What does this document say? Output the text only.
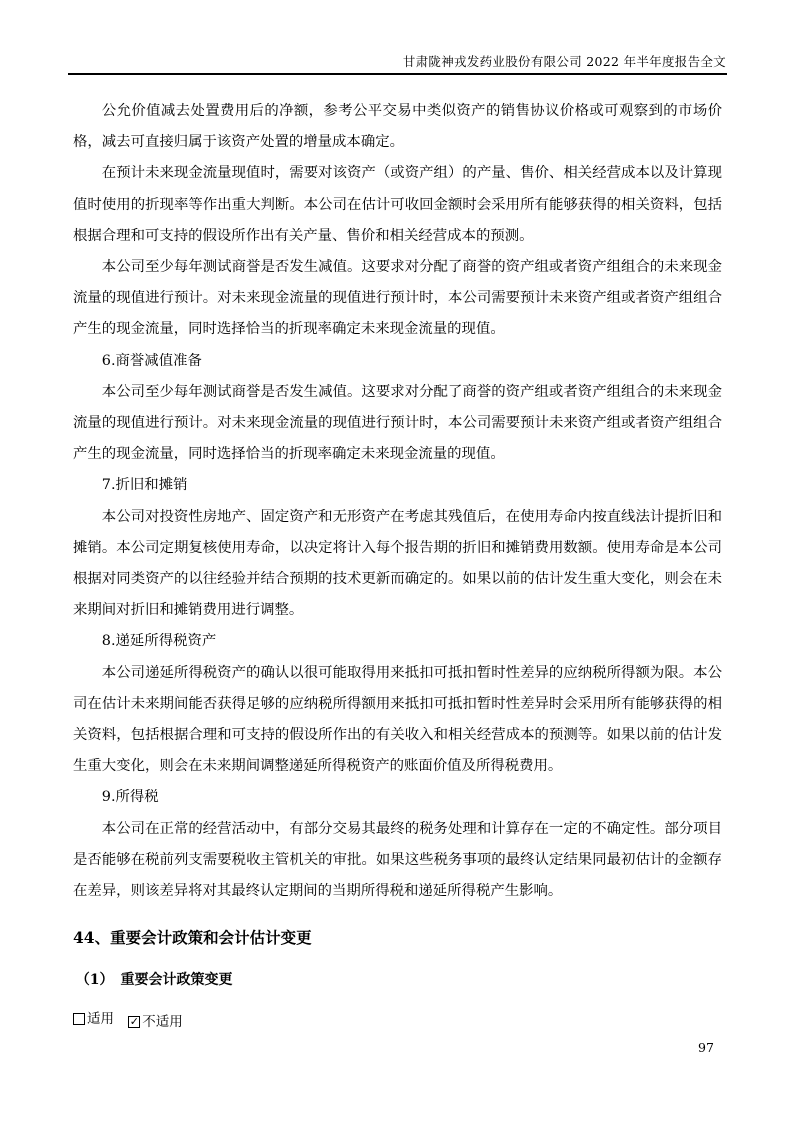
甘肃陇神戎发药业股份有限公司 2022 年半年度报告全文

公允价值减去处置费用后的净额，参考公平交易中类似资产的销售协议价格或可观察到的市场价格，减去可直接归属于该资产处置的增量成本确定。

在预计未来现金流量现值时，需要对该资产（或资产组）的产量、售价、相关经营成本以及计算现值时使用的折现率等作出重大判断。本公司在估计可收回金额时会采用所有能够获得的相关资料，包括根据合理和可支持的假设所作出有关产量、售价和相关经营成本的预测。

本公司至少每年测试商誉是否发生减值。这要求对分配了商誉的资产组或者资产组组合的未来现金流量的现值进行预计。对未来现金流量的现值进行预计时，本公司需要预计未来资产组或者资产组组合产生的现金流量，同时选择恰当的折现率确定未来现金流量的现值。

6.商誉减值准备

本公司至少每年测试商誉是否发生减值。这要求对分配了商誉的资产组或者资产组组合的未来现金流量的现值进行预计。对未来现金流量的现值进行预计时，本公司需要预计未来资产组或者资产组组合产生的现金流量，同时选择恰当的折现率确定未来现金流量的现值。

7.折旧和摊销

本公司对投资性房地产、固定资产和无形资产在考虑其残值后，在使用寿命内按直线法计提折旧和摊销。本公司定期复核使用寿命，以决定将计入每个报告期的折旧和摊销费用数额。使用寿命是本公司根据对同类资产的以往经验并结合预期的技术更新而确定的。如果以前的估计发生重大变化，则会在未来期间对折旧和摊销费用进行调整。

8.递延所得税资产

本公司递延所得税资产的确认以很可能取得用来抵扣可抵扣暂时性差异的应纳税所得额为限。本公司在估计未来期间能否获得足够的应纳税所得额用来抵扣可抵扣暂时性差异时会采用所有能够获得的相关资料，包括根据合理和可支持的假设所作出的有关收入和相关经营成本的预测等。如果以前的估计发生重大变化，则会在未来期间调整递延所得税资产的账面价值及所得税费用。

9.所得税

本公司在正常的经营活动中，有部分交易其最终的税务处理和计算存在一定的不确定性。部分项目是否能够在税前列支需要税收主管机关的审批。如果这些税务事项的最终认定结果同最初估计的金额存在差异，则该差异将对其最终认定期间的当期所得税和递延所得税产生影响。

44、重要会计政策和会计估计变更

（1）　重要会计政策变更

适用
✓ 不适用

97
